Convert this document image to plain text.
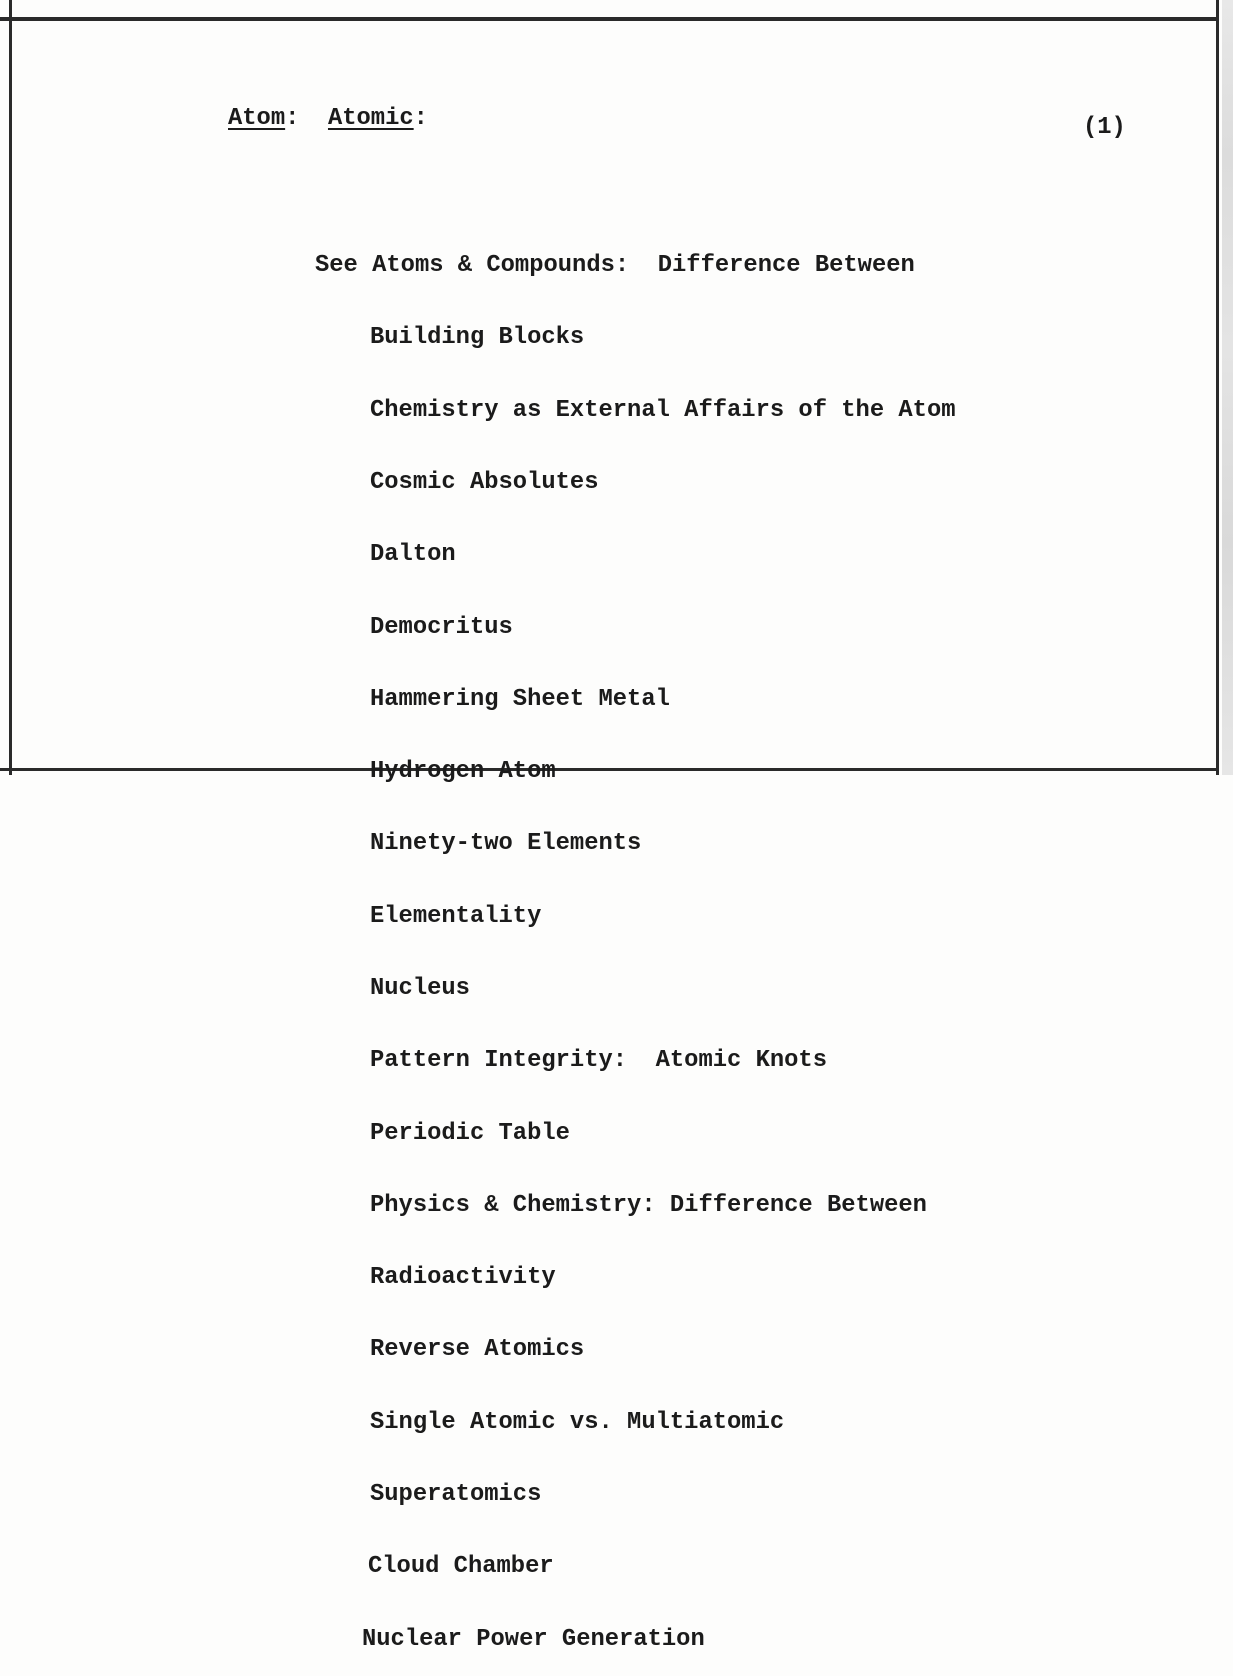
Atom:  Atomic:	(1)

See Atoms & Compounds:  Difference Between

Building Blocks

Chemistry as External Affairs of the Atom

Cosmic Absolutes

Dalton

Democritus

Hammering Sheet Metal

Hydrogen Atom

Ninety-two Elements

Elementality

Nucleus

Pattern Integrity:  Atomic Knots

Periodic Table

Physics & Chemistry: Difference Between

Radioactivity

Reverse Atomics

Single Atomic vs. Multiatomic

Superatomics

Cloud Chamber

Nuclear Power Generation
